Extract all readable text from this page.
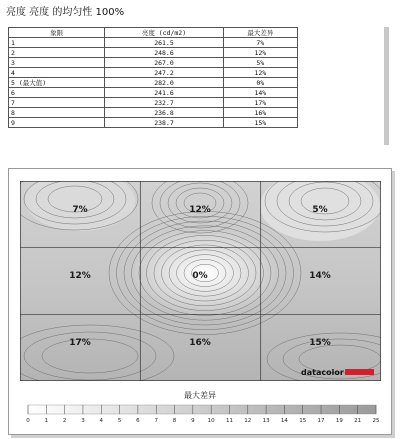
亮度 亮度 的均匀性 100%
象限	亮度 (cd/m2)	最大差异
1	261.5	7%
2	248.6	12%
3	267.0	5%
4	247.2	12%
5 (最大值)	282.0	0%
6	241.6	14%
7	232.7	17%
8	236.8	16%
9	238.7	15%
7%	12%	5%
12%	0%	14%
17%	16%	15%
datacolor
最大差异
0	1	2	3	4	5	6	7	8	9 10 11 12 13 14 15 17 19 21 25
